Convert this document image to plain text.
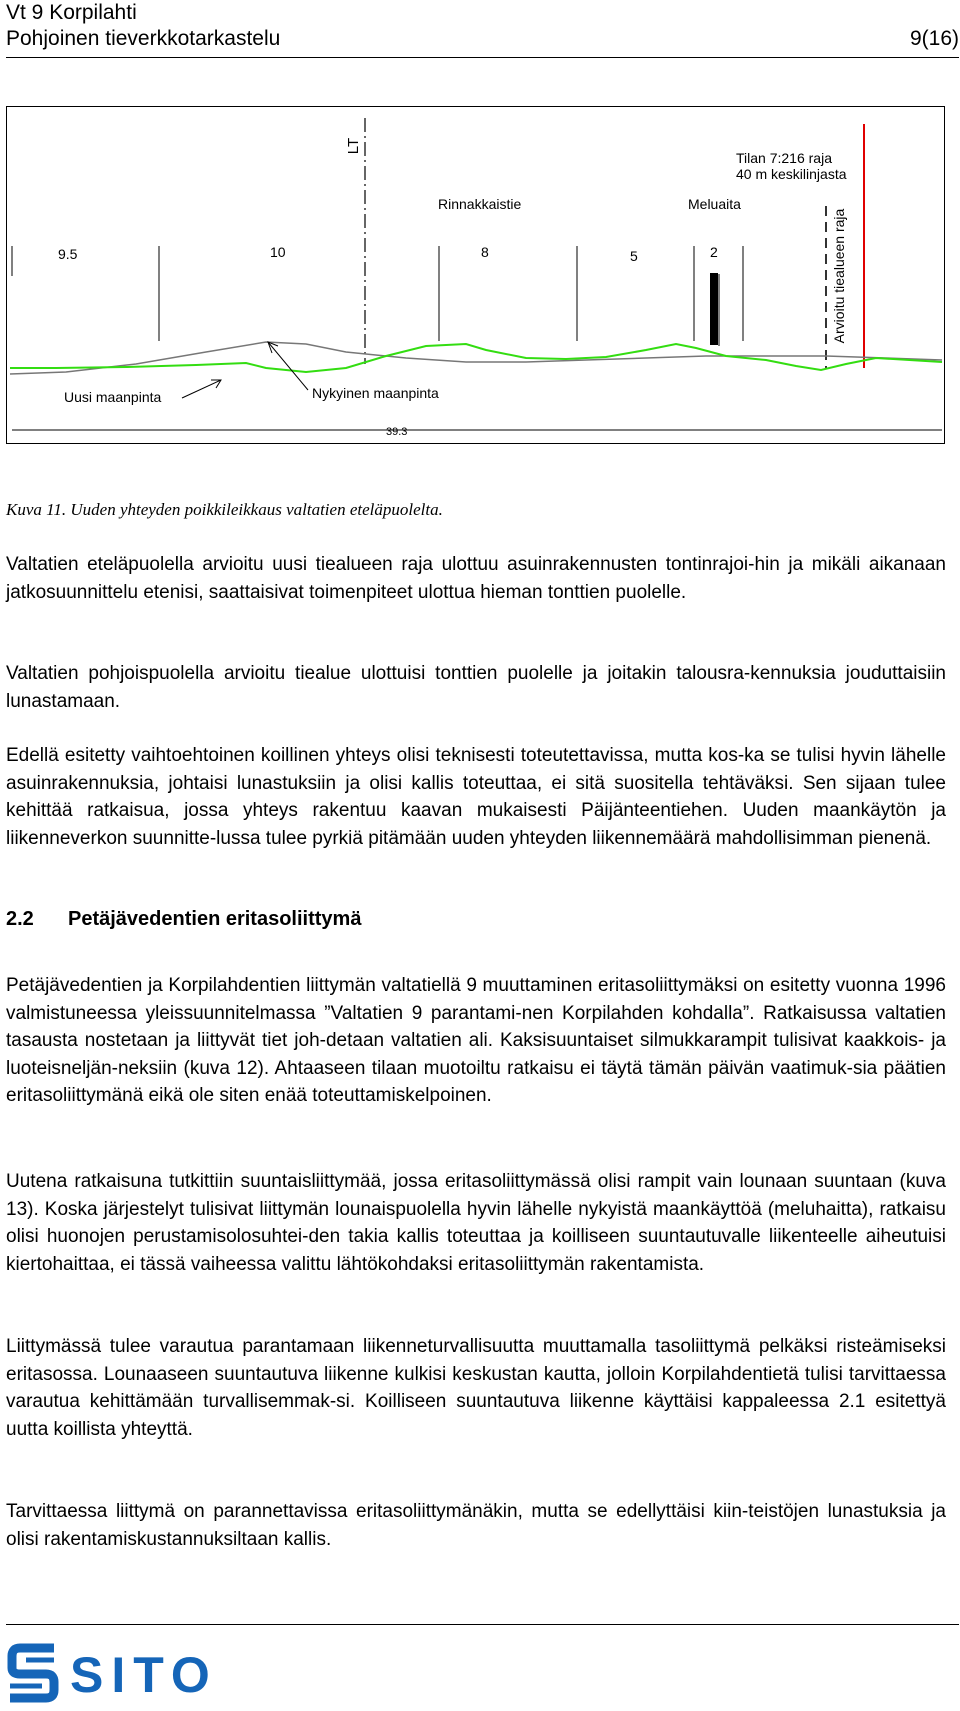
Vt 9 Korpilahti
Pohjoinen tieverkkotarkastelu	9(16)
LT
Rinnakkaistie	Meluaita
Tilan 7:216 raja
40 m keskilinjasta
9.5	10	8	5	2	Arvioitu tiealueen raja
Uusi maanpinta	Nykyinen maanpinta
39.3
Kuva 11. Uuden yhteyden poikkileikkaus valtatien eteläpuolelta.

Valtatien eteläpuolella arvioitu uusi tiealueen raja ulottuu asuinrakennusten tontinrajoi-hin ja mikäli aikanaan jatkosuunnittelu etenisi, saattaisivat toimenpiteet ulottua hieman tonttien puolelle.

Valtatien pohjoispuolella arvioitu tiealue ulottuisi tonttien puolelle ja joitakin talousra-kennuksia jouduttaisiin lunastamaan.

Edellä esitetty vaihtoehtoinen koillinen yhteys olisi teknisesti toteutettavissa, mutta kos-ka se tulisi hyvin lähelle asuinrakennuksia, johtaisi lunastuksiin ja olisi kallis toteuttaa, ei sitä suositella tehtäväksi. Sen sijaan tulee kehittää ratkaisua, jossa yhteys rakentuu kaavan mukaisesti Päijänteentiehen. Uuden maankäytön ja liikenneverkon suunnitte-lussa tulee pyrkiä pitämään uuden yhteyden liikennemäärä mahdollisimman pienenä.

2.2 Petäjävedentien eritasoliittymä

Petäjävedentien ja Korpilahdentien liittymän valtatiellä 9 muuttaminen eritasoliittymäksi on esitetty vuonna 1996 valmistuneessa yleissuunnitelmassa ”Valtatien 9 parantami-nen Korpilahden kohdalla”. Ratkaisussa valtatien tasausta nostetaan ja liittyvät tiet joh-detaan valtatien ali. Kaksisuuntaiset silmukkarampit tulisivat kaakkois- ja luoteisneljän-neksiin (kuva 12). Ahtaaseen tilaan muotoiltu ratkaisu ei täytä tämän päivän vaatimuk-sia päätien eritasoliittymänä eikä ole siten enää toteuttamiskelpoinen.

Uutena ratkaisuna tutkittiin suuntaisliittymää, jossa eritasoliittymässä olisi rampit vain lounaan suuntaan (kuva 13). Koska järjestelyt tulisivat liittymän lounaispuolella hyvin lähelle nykyistä maankäyttöä (meluhaitta), ratkaisu olisi huonojen perustamisolosuhtei-den takia kallis toteuttaa ja koilliseen suuntautuvalle liikenteelle aiheutuisi kiertohaittaa, ei tässä vaiheessa valittu lähtökohdaksi eritasoliittymän rakentamista.

Liittymässä tulee varautua parantamaan liikenneturvallisuutta muuttamalla tasoliittymä pelkäksi risteämiseksi eritasossa. Lounaaseen suuntautuva liikenne kulkisi keskustan kautta, jolloin Korpilahdentietä tulisi tarvittaessa varautua kehittämään turvallisemmak-si. Koilliseen suuntautuva liikenne käyttäisi kappaleessa 2.1 esitettyä uutta koillista yhteyttä.

Tarvittaessa liittymä on parannettavissa eritasoliittymänäkin, mutta se edellyttäisi kiin-teistöjen lunastuksia ja olisi rakentamiskustannuksiltaan kallis.

SITO
